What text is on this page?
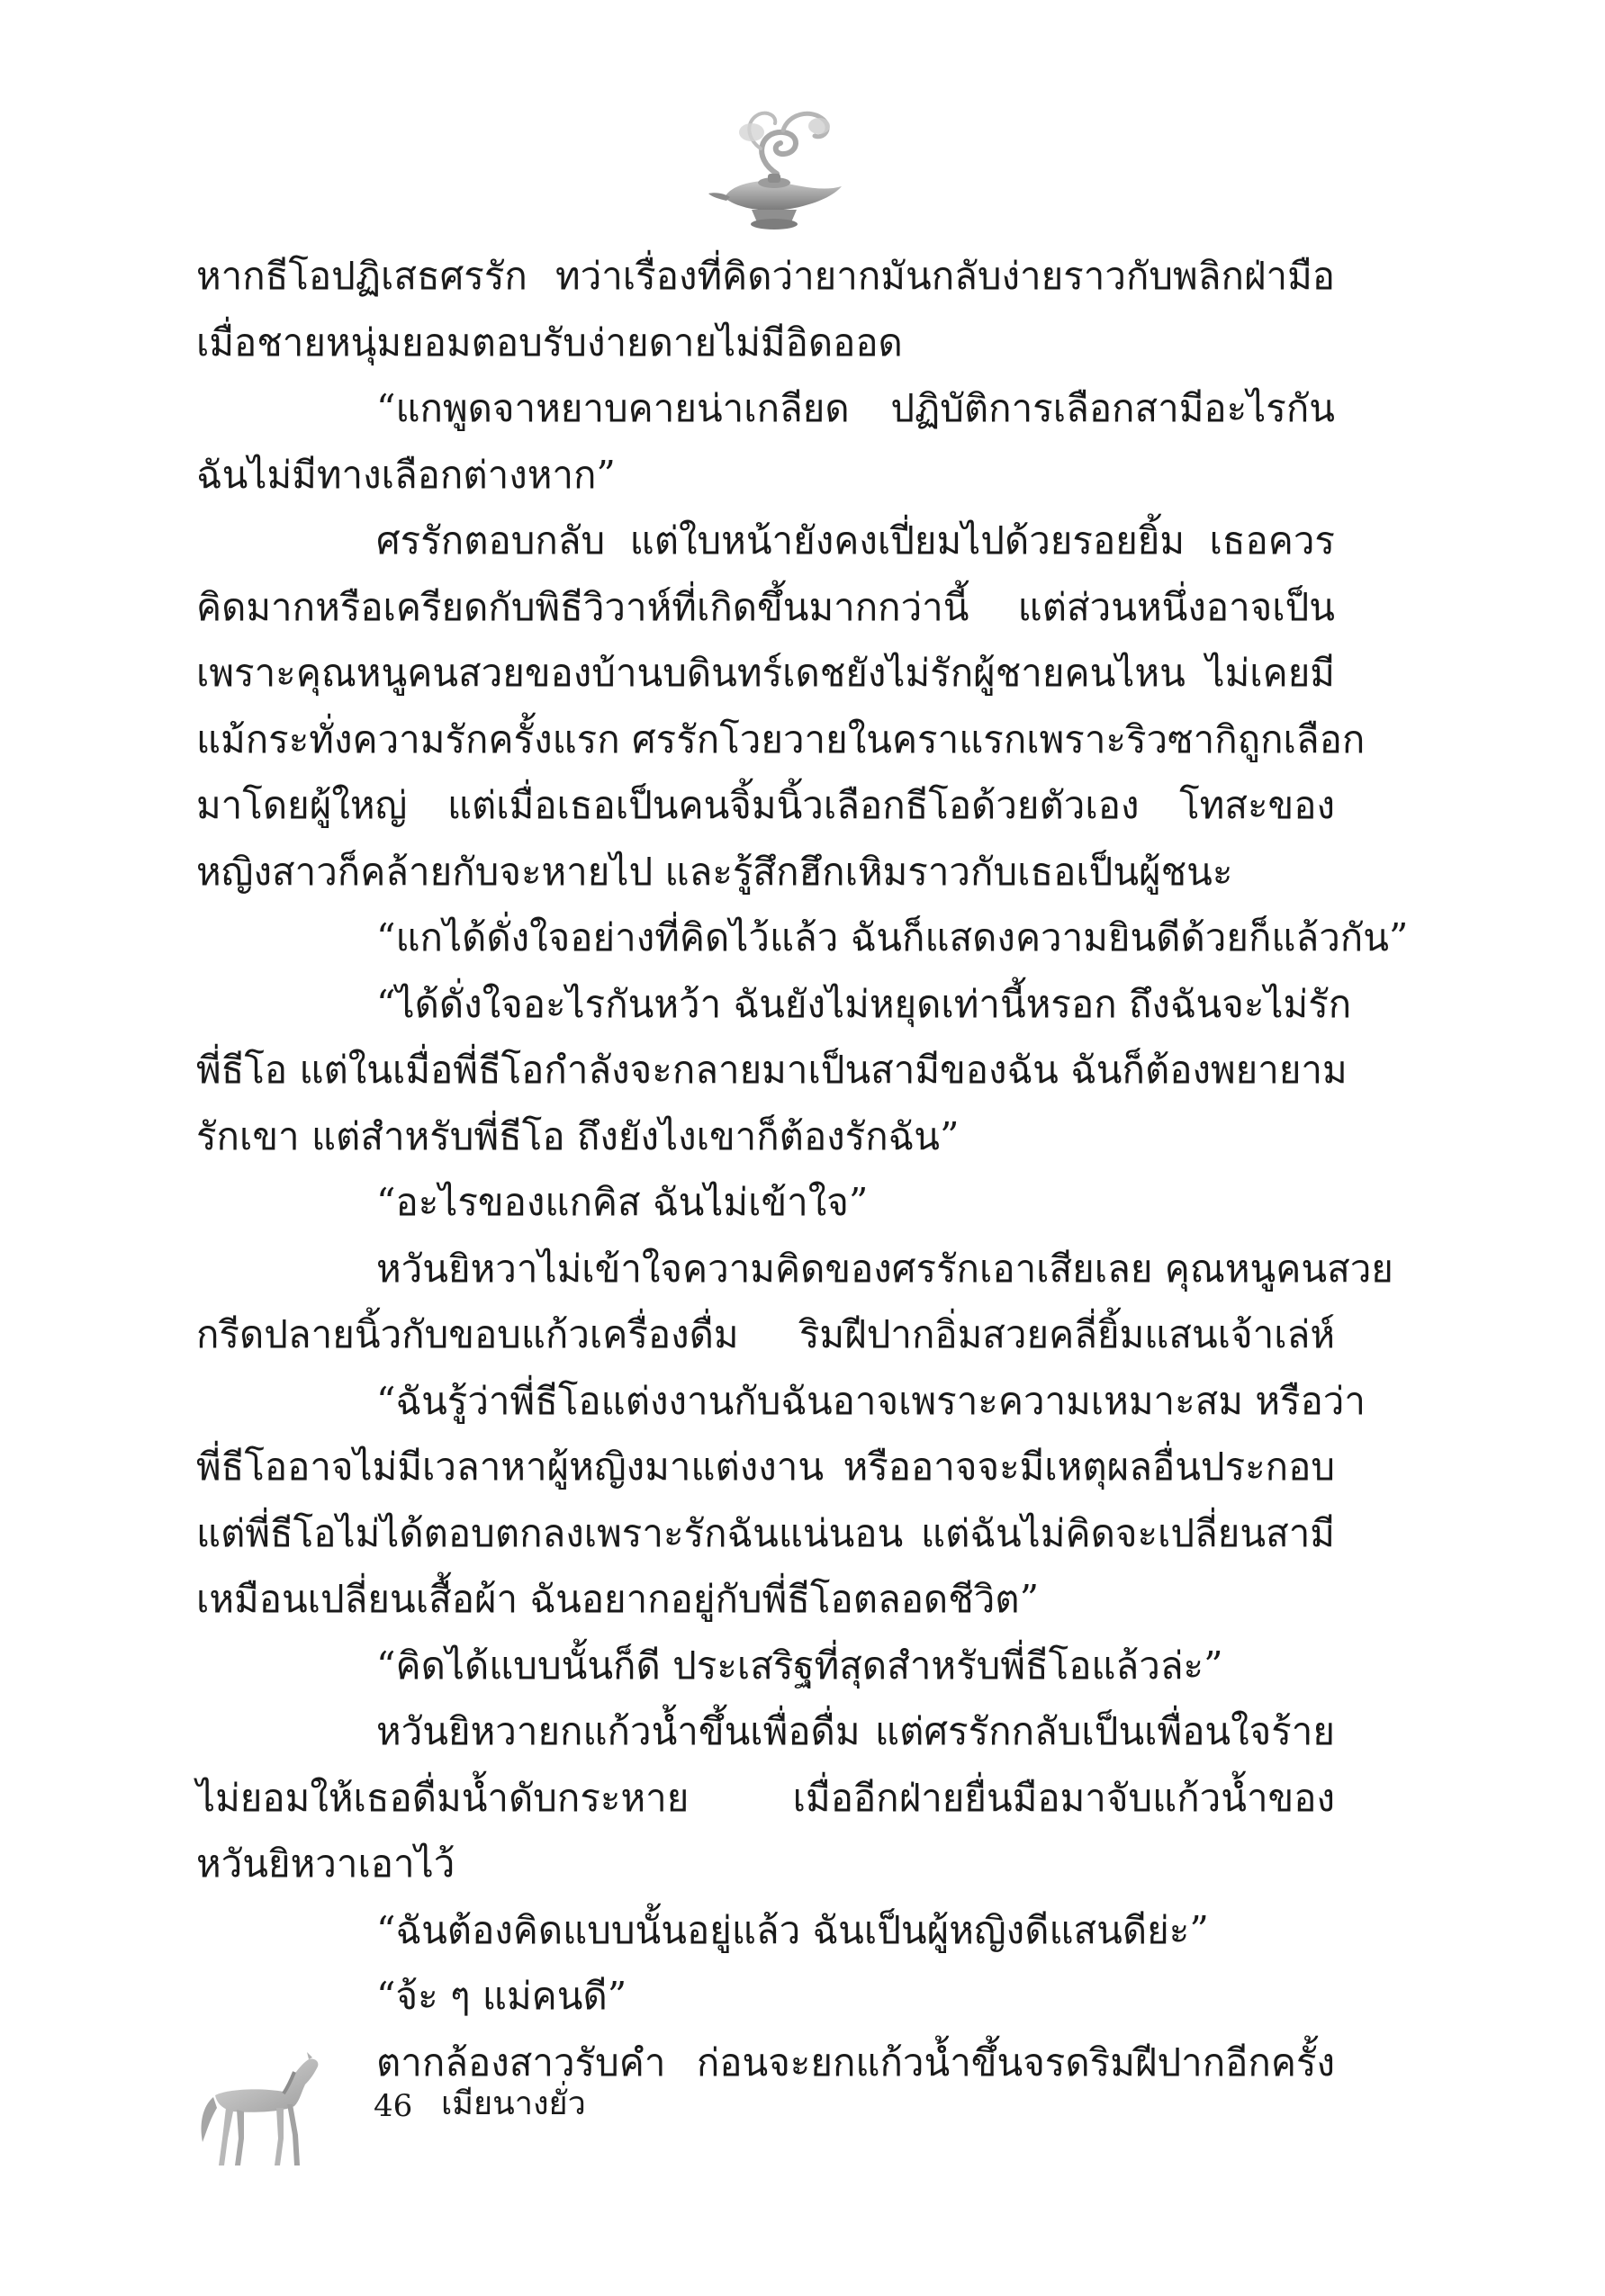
หากธีโอปฏิเสธศรรัก ทว่าเรื่องที่คิดว่ายากมันกลับง่ายราวกับพลิกฝ่ามือ
เมื่อชายหนุ่มยอมตอบรับง่ายดายไม่มีอิดออด
“แกพูดจาหยาบคายน่าเกลียด ปฏิบัติการเลือกสามีอะไรกัน
ฉันไม่มีทางเลือกต่างหาก”
ศรรักตอบกลับ แต่ใบหน้ายังคงเปี่ยมไปด้วยรอยยิ้ม เธอควร
คิดมากหรือเครียดกับพิธีวิวาห์ที่เกิดขึ้นมากกว่านี้ แต่ส่วนหนึ่งอาจเป็น
เพราะคุณหนูคนสวยของบ้านบดินทร์เดชยังไม่รักผู้ชายคนไหน ไม่เคยมี
แม้กระทั่งความรักครั้งแรก ศรรักโวยวายในคราแรกเพราะริวซากิถูกเลือก
มาโดยผู้ใหญ่ แต่เมื่อเธอเป็นคนจิ้มนิ้วเลือกธีโอด้วยตัวเอง โทสะของ
หญิงสาวก็คล้ายกับจะหายไป และรู้สึกฮึกเหิมราวกับเธอเป็นผู้ชนะ
“แกได้ดั่งใจอย่างที่คิดไว้แล้ว ฉันก็แสดงความยินดีด้วยก็แล้วกัน”
“ได้ดั่งใจอะไรกันหว้า ฉันยังไม่หยุดเท่านี้หรอก ถึงฉันจะไม่รัก
พี่ธีโอ แต่ในเมื่อพี่ธีโอกำลังจะกลายมาเป็นสามีของฉัน ฉันก็ต้องพยายาม
รักเขา แต่สำหรับพี่ธีโอ ถึงยังไงเขาก็ต้องรักฉัน”
“อะไรของแกคิส ฉันไม่เข้าใจ”
หวันยิหวาไม่เข้าใจความคิดของศรรักเอาเสียเลย คุณหนูคนสวย
กรีดปลายนิ้วกับขอบแก้วเครื่องดื่ม ริมฝีปากอิ่มสวยคลี่ยิ้มแสนเจ้าเล่ห์
“ฉันรู้ว่าพี่ธีโอแต่งงานกับฉันอาจเพราะความเหมาะสม หรือว่า
พี่ธีโออาจไม่มีเวลาหาผู้หญิงมาแต่งงาน หรืออาจจะมีเหตุผลอื่นประกอบ
แต่พี่ธีโอไม่ได้ตอบตกลงเพราะรักฉันแน่นอน แต่ฉันไม่คิดจะเปลี่ยนสามี
เหมือนเปลี่ยนเสื้อผ้า ฉันอยากอยู่กับพี่ธีโอตลอดชีวิต”
“คิดได้แบบนั้นก็ดี ประเสริฐที่สุดสำหรับพี่ธีโอแล้วล่ะ”
หวันยิหวายกแก้วน้ำขึ้นเพื่อดื่ม แต่ศรรักกลับเป็นเพื่อนใจร้าย
ไม่ยอมให้เธอดื่มน้ำดับกระหาย เมื่ออีกฝ่ายยื่นมือมาจับแก้วน้ำของ
หวันยิหวาเอาไว้
“ฉันต้องคิดแบบนั้นอยู่แล้ว ฉันเป็นผู้หญิงดีแสนดีย่ะ”
“จ้ะ ๆ แม่คนดี”
ตากล้องสาวรับคำ ก่อนจะยกแก้วน้ำขึ้นจรดริมฝีปากอีกครั้ง
46 เมียนางยั่ว
